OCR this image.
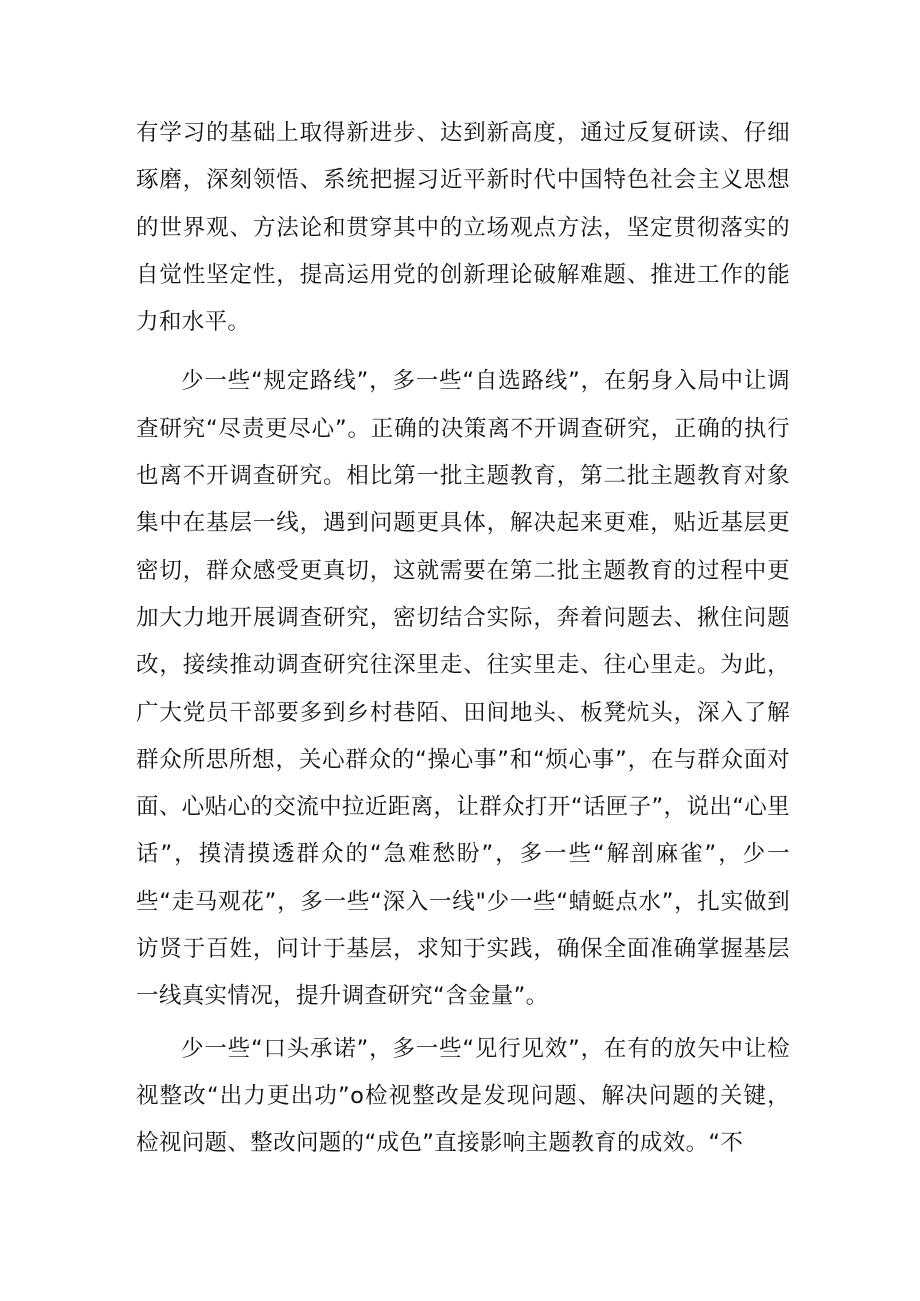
有学习的基础上取得新进步、达到新高度，通过反复研读、仔细琢磨，深刻领悟、系统把握习近平新时代中国特色社会主义思想的世界观、方法论和贯穿其中的立场观点方法，坚定贯彻落实的自觉性坚定性，提高运用党的创新理论破解难题、推进工作的能力和水平。

少一些“规定路线”，多一些“自选路线”，在躬身入局中让调查研究“尽责更尽心”。正确的决策离不开调查研究，正确的执行也离不开调查研究。相比第一批主题教育，第二批主题教育对象集中在基层一线，遇到问题更具体，解决起来更难，贴近基层更密切，群众感受更真切，这就需要在第二批主题教育的过程中更加大力地开展调查研究，密切结合实际，奔着问题去、揪住问题改，接续推动调查研究往深里走、往实里走、往心里走。为此，广大党员干部要多到乡村巷陌、田间地头、板凳炕头，深入了解群众所思所想，关心群众的“操心事”和“烦心事”，在与群众面对面、心贴心的交流中拉近距离，让群众打开“话匣子”，说出“心里话”，摸清摸透群众的“急难愁盼”，多一些“解剖麻雀”，少一些“走马观花”，多一些“深入一线"少一些“蜻蜓点水”，扎实做到访贤于百姓，问计于基层，求知于实践，确保全面准确掌握基层一线真实情况，提升调查研究“含金量”。

少一些“口头承诺”，多一些“见行见效”，在有的放矢中让检视整改“出力更出功”o检视整改是发现问题、解决问题的关键，检视问题、整改问题的“成色”直接影响主题教育的成效。“不
